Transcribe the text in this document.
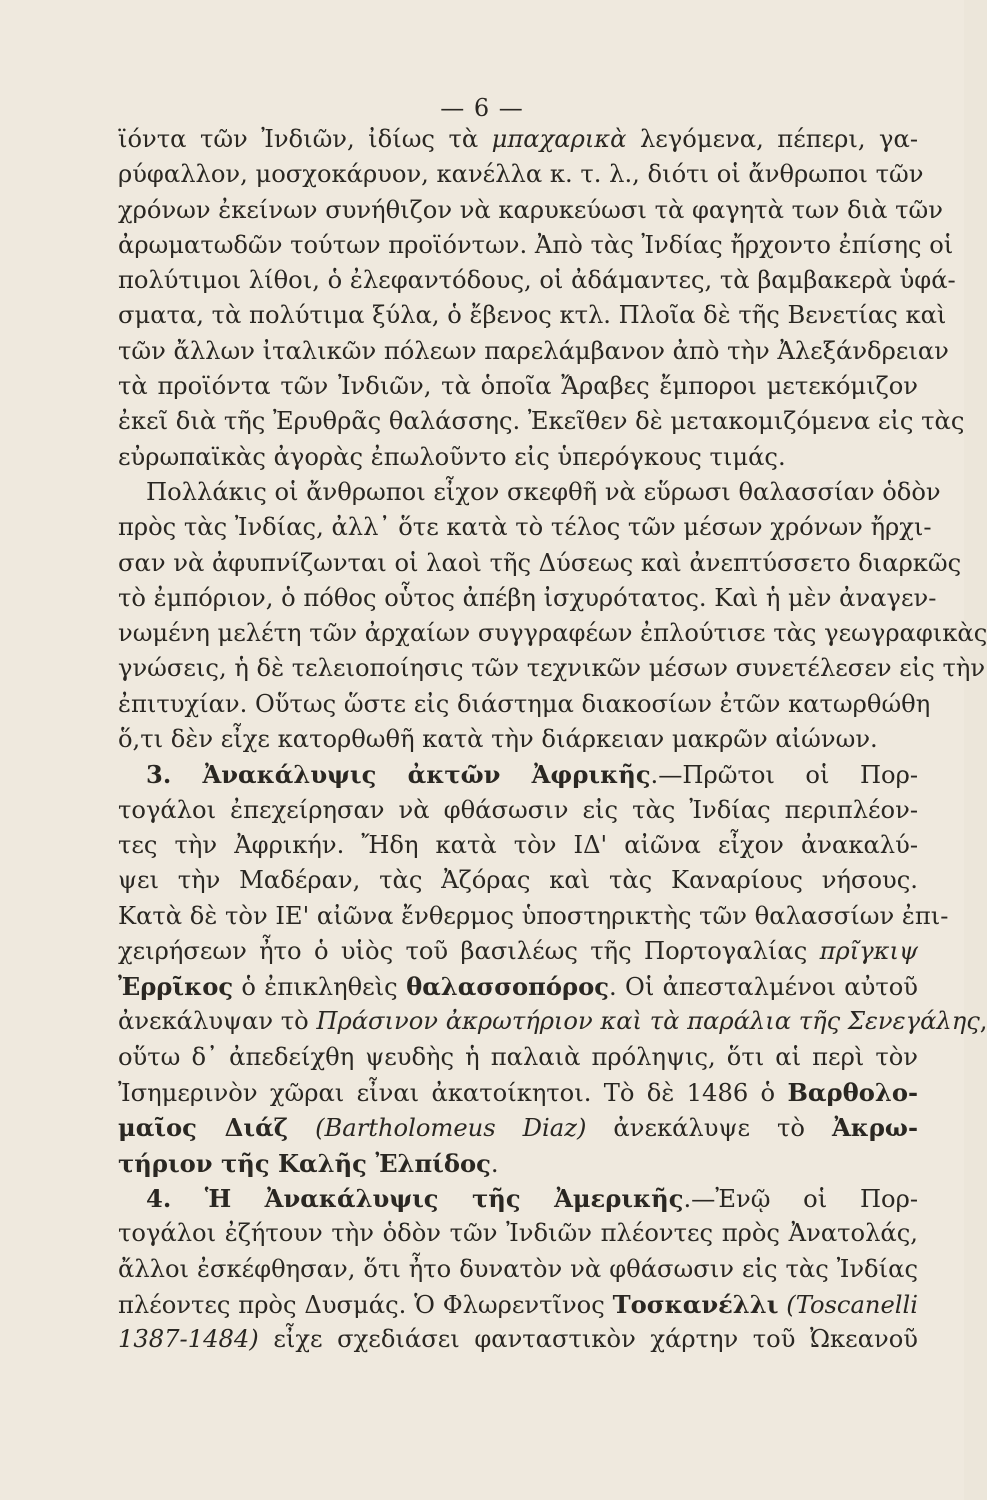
— 6 —
ϊόντα τῶν Ἰνδιῶν, ἰδίως τὰ μπαχαρικὰ λεγόμενα, πέπερι, γα-
ρύφαλλον, μοσχοκάρυον, κανέλλα κ. τ. λ., διότι οἱ ἄνθρωποι τῶν
χρόνων ἐκείνων συνήθιζον νὰ καρυκεύωσι τὰ φαγητὰ των διὰ τῶν
ἀρωματωδῶν τούτων προϊόντων. Ἀπὸ τὰς Ἰνδίας ἤρχοντο ἐπίσης οἱ
πολύτιμοι λίθοι, ὁ ἐλεφαντόδους, οἱ ἀδάμαντες, τὰ βαμβακερὰ ὑφά-
σματα, τὰ πολύτιμα ξύλα, ὁ ἔβενος κτλ. Πλοῖα δὲ τῆς Βενετίας καὶ
τῶν ἄλλων ἰταλικῶν πόλεων παρελάμβανον ἀπὸ τὴν Ἀλεξάνδρειαν
τὰ προϊόντα τῶν Ἰνδιῶν, τὰ ὁποῖα Ἄραβες ἔμποροι μετεκόμιζον
ἐκεῖ διὰ τῆς Ἐρυθρᾶς θαλάσσης. Ἐκεῖθεν δὲ μετακομιζόμενα εἰς τὰς
εὐρωπαϊκὰς ἀγορὰς ἐπωλοῦντο εἰς ὑπερόγκους τιμάς.
Πολλάκις οἱ ἄνθρωποι εἶχον σκεφθῆ νὰ εὕρωσι θαλασσίαν ὁδὸν
πρὸς τὰς Ἰνδίας, ἀλλ᾽ ὅτε κατὰ τὸ τέλος τῶν μέσων χρόνων ἤρχι-
σαν νὰ ἀφυπνίζωνται οἱ λαοὶ τῆς Δύσεως καὶ ἀνεπτύσσετο διαρκῶς
τὸ ἐμπόριον, ὁ πόθος οὗτος ἀπέβη ἰσχυρότατος. Καὶ ἡ μὲν ἀναγεν-
νωμένη μελέτη τῶν ἀρχαίων συγγραφέων ἐπλούτισε τὰς γεωγραφικὰς
γνώσεις, ἡ δὲ τελειοποίησις τῶν τεχνικῶν μέσων συνετέλεσεν εἰς τὴν
ἐπιτυχίαν. Οὕτως ὥστε εἰς διάστημα διακοσίων ἐτῶν κατωρθώθη
ὅ,τι δὲν εἶχε κατορθωθῆ κατὰ τὴν διάρκειαν μακρῶν αἰώνων.
3. Ἀνακάλυψις ἀκτῶν Ἀφρικῆς.—Πρῶτοι οἱ Πορ-
τογάλοι ἐπεχείρησαν νὰ φθάσωσιν εἰς τὰς Ἰνδίας περιπλέον-
τες τὴν Ἀφρικήν. Ἤδη κατὰ τὸν ΙΔ' αἰῶνα εἶχον ἀνακαλύ-
ψει τὴν Μαδέραν, τὰς Ἀζόρας καὶ τὰς Καναρίους νήσους.
Κατὰ δὲ τὸν ΙΕ' αἰῶνα ἔνθερμος ὑποστηρικτὴς τῶν θαλασσίων ἐπι-
χειρήσεων ἦτο ὁ υἱὸς τοῦ βασιλέως τῆς Πορτογαλίας πρῖγκιψ
Ἐρρῖκος ὁ ἐπικληθεὶς θαλασσοπόρος. Οἱ ἀπεσταλμένοι αὐτοῦ
ἀνεκάλυψαν τὸ Πράσινον ἀκρωτήριον καὶ τὰ παράλια τῆς Σενεγάλης,
οὕτω δ᾽ ἀπεδείχθη ψευδὴς ἡ παλαιὰ πρόληψις, ὅτι αἱ περὶ τὸν
Ἰσημερινὸν χῶραι εἶναι ἀκατοίκητοι. Τὸ δὲ 1486 ὁ Βαρθολο-
μαῖος Διάζ (Bartholomeus Diaz) ἀνεκάλυψε τὸ Ἀκρω-
τήριον τῆς Καλῆς Ἐλπίδος.
4. Ἡ Ἀνακάλυψις τῆς Ἀμερικῆς.—Ἐνῷ οἱ Πορ-
τογάλοι ἐζήτουν τὴν ὁδὸν τῶν Ἰνδιῶν πλέοντες πρὸς Ἀνατολάς,
ἄλλοι ἐσκέφθησαν, ὅτι ἦτο δυνατὸν νὰ φθάσωσιν εἰς τὰς Ἰνδίας
πλέοντες πρὸς Δυσμάς. Ὁ Φλωρεντῖνος Τοσκανέλλι (Toscanelli
1387-1484) εἶχε σχεδιάσει φανταστικὸν χάρτην τοῦ Ὠκεανοῦ
